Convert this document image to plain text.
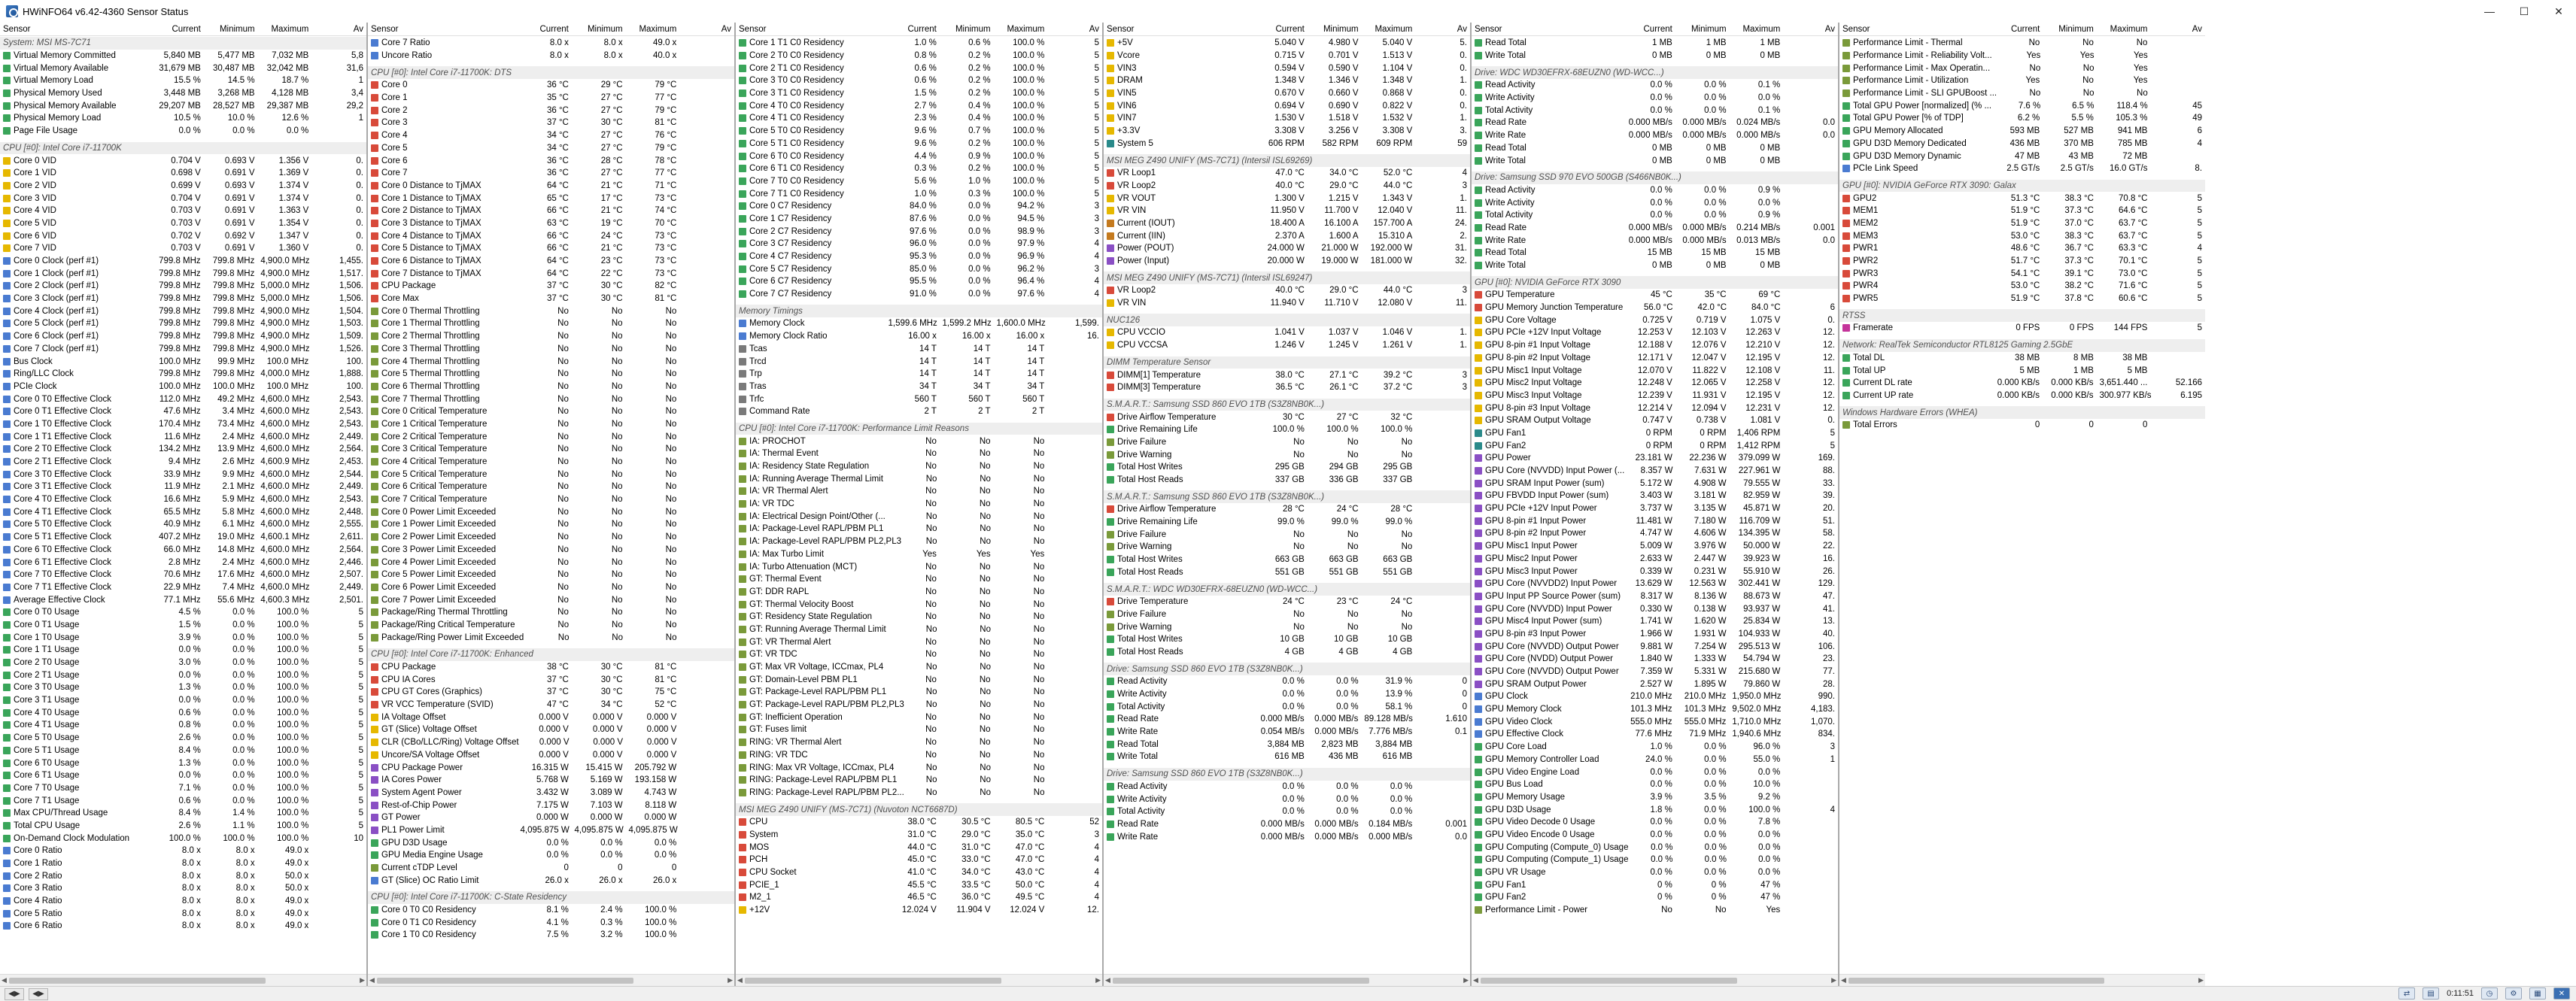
HWiNFO64 v6.42-4360 Sensor Status	—	☐	✕
Sensor	Current	Minimum	Maximum	Av
System: MSI MS-7C71
Virtual Memory Committed	5,840 MB	5,477 MB	7,032 MB	5,8
Virtual Memory Available	31,679 MB	30,487 MB	32,042 MB	31,6
Virtual Memory Load	15.5 %	14.5 %	18.7 %	1
Physical Memory Used	3,448 MB	3,268 MB	4,128 MB	3,4
Physical Memory Available	29,207 MB	28,527 MB	29,387 MB	29,2
Physical Memory Load	10.5 %	10.0 %	12.6 %	1
Page File Usage	0.0 %	0.0 %	0.0 %
CPU [#0]: Intel Core i7-11700K
Core 0 VID	0.704 V	0.693 V	1.356 V	0.
Core 1 VID	0.698 V	0.691 V	1.369 V	0.
Core 2 VID	0.699 V	0.693 V	1.374 V	0.
Core 3 VID	0.704 V	0.691 V	1.374 V	0.
Core 4 VID	0.703 V	0.691 V	1.363 V	0.
Core 5 VID	0.703 V	0.691 V	1.354 V	0.
Core 6 VID	0.702 V	0.692 V	1.347 V	0.
Core 7 VID	0.703 V	0.691 V	1.360 V	0.
Core 0 Clock (perf #1)	799.8 MHz	799.8 MHz 4,900.0 MHz	1,455.
Core 1 Clock (perf #1)	799.8 MHz	799.8 MHz 4,900.0 MHz	1,517.
Core 2 Clock (perf #1)	799.8 MHz	799.8 MHz 5,000.0 MHz	1,506.
Core 3 Clock (perf #1)	799.8 MHz	799.8 MHz 5,000.0 MHz	1,506.
Core 4 Clock (perf #1)	799.8 MHz	799.8 MHz 4,900.0 MHz	1,504.
Core 5 Clock (perf #1)	799.8 MHz	799.8 MHz 4,900.0 MHz	1,503.
Core 6 Clock (perf #1)	799.8 MHz	799.8 MHz 4,900.0 MHz	1,509.
Core 7 Clock (perf #1)	799.8 MHz	799.8 MHz 4,900.0 MHz	1,526.
Bus Clock	100.0 MHz	99.9 MHz	100.0 MHz	100.
Ring/LLC Clock	799.8 MHz	799.8 MHz 4,000.0 MHz	1,888.
PCIe Clock	100.0 MHz	100.0 MHz	100.0 MHz	100.
Core 0 T0 Effective Clock	112.0 MHz	49.2 MHz 4,600.0 MHz	2,543.
Core 0 T1 Effective Clock	47.6 MHz	3.4 MHz 4,600.0 MHz	2,543.
Core 1 T0 Effective Clock	170.4 MHz	73.4 MHz 4,600.0 MHz	2,543.
Core 1 T1 Effective Clock	11.6 MHz	2.4 MHz 4,600.0 MHz	2,449.
Core 2 T0 Effective Clock	134.2 MHz	13.9 MHz 4,600.0 MHz	2,564.
Core 2 T1 Effective Clock	9.4 MHz	2.6 MHz 4,600.9 MHz	2,453.
Core 3 T0 Effective Clock	33.9 MHz	9.9 MHz 4,600.0 MHz	2,544.
Core 3 T1 Effective Clock	11.9 MHz	2.1 MHz 4,600.0 MHz	2,449.
Core 4 T0 Effective Clock	16.6 MHz	5.9 MHz 4,600.0 MHz	2,543.
Core 4 T1 Effective Clock	65.5 MHz	5.8 MHz 4,600.0 MHz	2,448.
Core 5 T0 Effective Clock	40.9 MHz	6.1 MHz 4,600.0 MHz	2,555.
Core 5 T1 Effective Clock	407.2 MHz	19.0 MHz 4,600.1 MHz	2,611.
Core 6 T0 Effective Clock	66.0 MHz	14.8 MHz 4,600.0 MHz	2,564.
Core 6 T1 Effective Clock	2.8 MHz	2.4 MHz 4,600.0 MHz	2,446.
Core 7 T0 Effective Clock	70.6 MHz	17.6 MHz 4,600.0 MHz	2,507.
Core 7 T1 Effective Clock	22.9 MHz	7.4 MHz 4,600.0 MHz	2,449.
Average Effective Clock	77.1 MHz	55.6 MHz 4,600.3 MHz	2,501.
Core 0 T0 Usage	4.5 %	0.0 %	100.0 %	5
Core 0 T1 Usage	1.5 %	0.0 %	100.0 %	5
Core 1 T0 Usage	3.9 %	0.0 %	100.0 %	5
Core 1 T1 Usage	0.0 %	0.0 %	100.0 %	5
Core 2 T0 Usage	3.0 %	0.0 %	100.0 %	5
Core 2 T1 Usage	0.0 %	0.0 %	100.0 %	5
Core 3 T0 Usage	1.3 %	0.0 %	100.0 %	5
Core 3 T1 Usage	0.0 %	0.0 %	100.0 %	5
Core 4 T0 Usage	0.6 %	0.0 %	100.0 %	5
Core 4 T1 Usage	0.8 %	0.0 %	100.0 %	5
Core 5 T0 Usage	2.6 %	0.0 %	100.0 %	5
Core 5 T1 Usage	8.4 %	0.0 %	100.0 %	5
Core 6 T0 Usage	1.3 %	0.0 %	100.0 %	5
Core 6 T1 Usage	0.0 %	0.0 %	100.0 %	5
Core 7 T0 Usage	7.1 %	0.0 %	100.0 %	5
Core 7 T1 Usage	0.6 %	0.0 %	100.0 %	5
Max CPU/Thread Usage	8.4 %	1.4 %	100.0 %	5
Total CPU Usage	2.6 %	1.1 %	100.0 %	5
On-Demand Clock Modulation	100.0 %	100.0 %	100.0 %	10
Core 0 Ratio	8.0 x	8.0 x	49.0 x
Core 1 Ratio	8.0 x	8.0 x	49.0 x
Core 2 Ratio	8.0 x	8.0 x	50.0 x
Core 3 Ratio	8.0 x	8.0 x	50.0 x
Core 4 Ratio	8.0 x	8.0 x	49.0 x
Core 5 Ratio	8.0 x	8.0 x	49.0 x
Core 6 Ratio	8.0 x	8.0 x	49.0 x
◀	▶
Sensor	Current	Minimum	Maximum	Av
Core 7 Ratio	8.0 x	8.0 x	49.0 x
Uncore Ratio	8.0 x	8.0 x	40.0 x
CPU [#0]: Intel Core i7-11700K: DTS
Core 0	36 °C	29 °C	79 °C
Core 1	35 °C	27 °C	77 °C
Core 2	36 °C	27 °C	79 °C
Core 3	37 °C	30 °C	81 °C
Core 4	34 °C	27 °C	76 °C
Core 5	34 °C	27 °C	79 °C
Core 6	36 °C	28 °C	78 °C
Core 7	36 °C	27 °C	77 °C
Core 0 Distance to TjMAX	64 °C	21 °C	71 °C
Core 1 Distance to TjMAX	65 °C	17 °C	73 °C
Core 2 Distance to TjMAX	66 °C	21 °C	74 °C
Core 3 Distance to TjMAX	63 °C	19 °C	70 °C
Core 4 Distance to TjMAX	66 °C	24 °C	73 °C
Core 5 Distance to TjMAX	66 °C	21 °C	73 °C
Core 6 Distance to TjMAX	64 °C	23 °C	73 °C
Core 7 Distance to TjMAX	64 °C	22 °C	73 °C
CPU Package	37 °C	30 °C	82 °C
Core Max	37 °C	30 °C	81 °C
Core 0 Thermal Throttling	No	No	No
Core 1 Thermal Throttling	No	No	No
Core 2 Thermal Throttling	No	No	No
Core 3 Thermal Throttling	No	No	No
Core 4 Thermal Throttling	No	No	No
Core 5 Thermal Throttling	No	No	No
Core 6 Thermal Throttling	No	No	No
Core 7 Thermal Throttling	No	No	No
Core 0 Critical Temperature	No	No	No
Core 1 Critical Temperature	No	No	No
Core 2 Critical Temperature	No	No	No
Core 3 Critical Temperature	No	No	No
Core 4 Critical Temperature	No	No	No
Core 5 Critical Temperature	No	No	No
Core 6 Critical Temperature	No	No	No
Core 7 Critical Temperature	No	No	No
Core 0 Power Limit Exceeded	No	No	No
Core 1 Power Limit Exceeded	No	No	No
Core 2 Power Limit Exceeded	No	No	No
Core 3 Power Limit Exceeded	No	No	No
Core 4 Power Limit Exceeded	No	No	No
Core 5 Power Limit Exceeded	No	No	No
Core 6 Power Limit Exceeded	No	No	No
Core 7 Power Limit Exceeded	No	No	No
Package/Ring Thermal Throttling	No	No	No
Package/Ring Critical Temperature	No	No	No
Package/Ring Power Limit Exceeded	No	No	No
CPU [#0]: Intel Core i7-11700K: Enhanced
CPU Package	38 °C	30 °C	81 °C
CPU IA Cores	37 °C	30 °C	81 °C
CPU GT Cores (Graphics)	37 °C	30 °C	75 °C
VR VCC Temperature (SVID)	47 °C	34 °C	52 °C
IA Voltage Offset	0.000 V	0.000 V	0.000 V
GT (Slice) Voltage Offset	0.000 V	0.000 V	0.000 V
CLR (CBo/LLC/Ring) Voltage Offset	0.000 V	0.000 V	0.000 V
Uncore/SA Voltage Offset	0.000 V	0.000 V	0.000 V
CPU Package Power	16.315 W	15.415 W	205.792 W
IA Cores Power	5.768 W	5.169 W	193.158 W
System Agent Power	3.432 W	3.089 W	4.743 W
Rest-of-Chip Power	7.175 W	7.103 W	8.118 W
GT Power	0.000 W	0.000 W	0.000 W
PL1 Power Limit	4,095.875 W 4,095.875 W 4,095.875 W
GPU D3D Usage	0.0 %	0.0 %	0.0 %
GPU Media Engine Usage	0.0 %	0.0 %	0.0 %
Current cTDP Level	0	0	0
GT (Slice) OC Ratio Limit	26.0 x	26.0 x	26.0 x
CPU [#0]: Intel Core i7-11700K: C-State Residency
Core 0 T0 C0 Residency	8.1 %	2.4 %	100.0 %
Core 0 T1 C0 Residency	4.1 %	0.3 %	100.0 %
Core 1 T0 C0 Residency	7.5 %	3.2 %	100.0 %
◀	▶
Sensor	Current	Minimum	Maximum	Av
Core 1 T1 C0 Residency	1.0 %	0.6 %	100.0 %	5
Core 2 T0 C0 Residency	0.8 %	0.2 %	100.0 %	5
Core 2 T1 C0 Residency	0.6 %	0.2 %	100.0 %	5
Core 3 T0 C0 Residency	0.6 %	0.2 %	100.0 %	5
Core 3 T1 C0 Residency	1.5 %	0.2 %	100.0 %	5
Core 4 T0 C0 Residency	2.7 %	0.4 %	100.0 %	5
Core 4 T1 C0 Residency	2.3 %	0.4 %	100.0 %	5
Core 5 T0 C0 Residency	9.6 %	0.7 %	100.0 %	5
Core 5 T1 C0 Residency	9.6 %	0.2 %	100.0 %	5
Core 6 T0 C0 Residency	4.4 %	0.9 %	100.0 %	5
Core 6 T1 C0 Residency	0.3 %	0.2 %	100.0 %	5
Core 7 T0 C0 Residency	5.6 %	1.0 %	100.0 %	5
Core 7 T1 C0 Residency	1.0 %	0.3 %	100.0 %	5
Core 0 C7 Residency	84.0 %	0.0 %	94.2 %	3
Core 1 C7 Residency	87.6 %	0.0 %	94.5 %	3
Core 2 C7 Residency	97.6 %	0.0 %	98.9 %	3
Core 3 C7 Residency	96.0 %	0.0 %	97.9 %	4
Core 4 C7 Residency	95.3 %	0.0 %	96.9 %	4
Core 5 C7 Residency	85.0 %	0.0 %	96.2 %	3
Core 6 C7 Residency	95.5 %	0.0 %	96.4 %	4
Core 7 C7 Residency	91.0 %	0.0 %	97.6 %	4
Memory Timings
Memory Clock	1,599.6 MHz 1,599.2 MHz 1,600.0 MHz	1,599.
Memory Clock Ratio	16.00 x	16.00 x	16.00 x	16.
Tcas	14 T	14 T	14 T
Trcd	14 T	14 T	14 T
Trp	14 T	14 T	14 T
Tras	34 T	34 T	34 T
Trfc	560 T	560 T	560 T
Command Rate	2 T	2 T	2 T
CPU [#0]: Intel Core i7-11700K: Performance Limit Reasons
IA: PROCHOT	No	No	No
IA: Thermal Event	No	No	No
IA: Residency State Regulation	No	No	No
IA: Running Average Thermal Limit	No	No	No
IA: VR Thermal Alert	No	No	No
IA: VR TDC	No	No	No
IA: Electrical Design Point/Other (...	No	No	No
IA: Package-Level RAPL/PBM PL1	No	No	No
IA: Package-Level RAPL/PBM PL2,PL3	No	No	No
IA: Max Turbo Limit	Yes	Yes	Yes
IA: Turbo Attenuation (MCT)	No	No	No
GT: Thermal Event	No	No	No
GT: DDR RAPL	No	No	No
GT: Thermal Velocity Boost	No	No	No
GT: Residency State Regulation	No	No	No
GT: Running Average Thermal Limit	No	No	No
GT: VR Thermal Alert	No	No	No
GT: VR TDC	No	No	No
GT: Max VR Voltage, ICCmax, PL4	No	No	No
GT: Domain-Level PBM PL1	No	No	No
GT: Package-Level RAPL/PBM PL1	No	No	No
GT: Package-Level RAPL/PBM PL2,PL3	No	No	No
GT: Inefficient Operation	No	No	No
GT: Fuses limit	No	No	No
RING: VR Thermal Alert	No	No	No
RING: VR TDC	No	No	No
RING: Max VR Voltage, ICCmax, PL4	No	No	No
RING: Package-Level RAPL/PBM PL1	No	No	No
RING: Package-Level RAPL/PBM PL2...	No	No	No
MSI MEG Z490 UNIFY (MS-7C71) (Nuvoton NCT6687D)
CPU	38.0 °C	30.5 °C	80.5 °C	52
System	31.0 °C	29.0 °C	35.0 °C	3
MOS	44.0 °C	31.0 °C	47.0 °C	4
PCH	45.0 °C	33.0 °C	47.0 °C	4
CPU Socket	41.0 °C	34.0 °C	43.0 °C	4
PCIE_1	45.5 °C	33.5 °C	50.0 °C	4
M2_1	46.5 °C	36.0 °C	49.5 °C	4
+12V	12.024 V	11.904 V	12.024 V	12.
◀	▶
Sensor	Current	Minimum	Maximum	Av
+5V	5.040 V	4.980 V	5.040 V	5.
Vcore	0.715 V	0.701 V	1.513 V	0.
VIN3	0.594 V	0.590 V	1.104 V	0.
DRAM	1.348 V	1.346 V	1.348 V	1.
VIN5	0.670 V	0.660 V	0.868 V	0.
VIN6	0.694 V	0.690 V	0.822 V	0.
VIN7	1.530 V	1.518 V	1.532 V	1.
+3.3V	3.308 V	3.256 V	3.308 V	3.
System 5	606 RPM	582 RPM	609 RPM	59
MSI MEG Z490 UNIFY (MS-7C71) (Intersil ISL69269)
VR Loop1	47.0 °C	34.0 °C	52.0 °C	4
VR Loop2	40.0 °C	29.0 °C	44.0 °C	3
VR VOUT	1.300 V	1.215 V	1.343 V	1.
VR VIN	11.950 V	11.700 V	12.040 V	11.
Current (IOUT)	18.400 A	16.100 A	157.700 A	24.
Current (IIN)	2.370 A	1.600 A	15.310 A	2.
Power (POUT)	24.000 W	21.000 W	192.000 W	31.
Power (Input)	20.000 W	19.000 W	181.000 W	32.
MSI MEG Z490 UNIFY (MS-7C71) (Intersil ISL69247)
VR Loop2	40.0 °C	29.0 °C	44.0 °C	3
VR VIN	11.940 V	11.710 V	12.080 V	11.
NUC126
CPU VCCIO	1.041 V	1.037 V	1.046 V	1.
CPU VCCSA	1.246 V	1.245 V	1.261 V	1.
DIMM Temperature Sensor
DIMM[1] Temperature	38.0 °C	27.1 °C	39.2 °C	3
DIMM[3] Temperature	36.5 °C	26.1 °C	37.2 °C	3
S.M.A.R.T.: Samsung SSD 860 EVO 1TB (S3Z8NB0K...)
Drive Airflow Temperature	30 °C	27 °C	32 °C
Drive Remaining Life	100.0 %	100.0 %	100.0 %
Drive Failure	No	No	No
Drive Warning	No	No	No
Total Host Writes	295 GB	294 GB	295 GB
Total Host Reads	337 GB	336 GB	337 GB
S.M.A.R.T.: Samsung SSD 860 EVO 1TB (S3Z8NB0K...)
Drive Airflow Temperature	28 °C	24 °C	28 °C
Drive Remaining Life	99.0 %	99.0 %	99.0 %
Drive Failure	No	No	No
Drive Warning	No	No	No
Total Host Writes	663 GB	663 GB	663 GB
Total Host Reads	551 GB	551 GB	551 GB
S.M.A.R.T.: WDC WD30EFRX-68EUZN0 (WD-WCC...)
Drive Temperature	24 °C	23 °C	24 °C
Drive Failure	No	No	No
Drive Warning	No	No	No
Total Host Writes	10 GB	10 GB	10 GB
Total Host Reads	4 GB	4 GB	4 GB
Drive: Samsung SSD 860 EVO 1TB (S3Z8NB0K...)
Read Activity	0.0 %	0.0 %	31.9 %	0
Write Activity	0.0 %	0.0 %	13.9 %	0
Total Activity	0.0 %	0.0 %	58.1 %	0
Read Rate	0.000 MB/s	0.000 MB/s 89.128 MB/s	1.610
Write Rate	0.054 MB/s	0.000 MB/s	7.776 MB/s	0.1
Read Total	3,884 MB	2,823 MB	3,884 MB
Write Total	616 MB	436 MB	616 MB
Drive: Samsung SSD 860 EVO 1TB (S3Z8NB0K...)
Read Activity	0.0 %	0.0 %	0.0 %
Write Activity	0.0 %	0.0 %	0.0 %
Total Activity	0.0 %	0.0 %	0.0 %
Read Rate	0.000 MB/s	0.000 MB/s	0.184 MB/s	0.001
Write Rate	0.000 MB/s	0.000 MB/s	0.000 MB/s	0.0
◀	▶
Sensor	Current	Minimum	Maximum	Av
Read Total	1 MB	1 MB	1 MB
Write Total	0 MB	0 MB	0 MB
Drive: WDC WD30EFRX-68EUZN0 (WD-WCC...)
Read Activity	0.0 %	0.0 %	0.1 %
Write Activity	0.0 %	0.0 %	0.0 %
Total Activity	0.0 %	0.0 %	0.1 %
Read Rate	0.000 MB/s	0.000 MB/s	0.024 MB/s	0.0
Write Rate	0.000 MB/s	0.000 MB/s	0.000 MB/s	0.0
Read Total	0 MB	0 MB	0 MB
Write Total	0 MB	0 MB	0 MB
Drive: Samsung SSD 970 EVO 500GB (S466NB0K...)
Read Activity	0.0 %	0.0 %	0.9 %
Write Activity	0.0 %	0.0 %	0.0 %
Total Activity	0.0 %	0.0 %	0.9 %
Read Rate	0.000 MB/s	0.000 MB/s	0.214 MB/s	0.001
Write Rate	0.000 MB/s	0.000 MB/s	0.013 MB/s	0.0
Read Total	15 MB	15 MB	15 MB
Write Total	0 MB	0 MB	0 MB
GPU [#0]: NVIDIA GeForce RTX 3090
GPU Temperature	45 °C	35 °C	69 °C
GPU Memory Junction Temperature	56.0 °C	42.0 °C	84.0 °C	6
GPU Core Voltage	0.725 V	0.719 V	1.075 V	0.
GPU PCIe +12V Input Voltage	12.253 V	12.103 V	12.263 V	12.
GPU 8-pin #1 Input Voltage	12.188 V	12.076 V	12.210 V	12.
GPU 8-pin #2 Input Voltage	12.171 V	12.047 V	12.195 V	12.
GPU Misc1 Input Voltage	12.070 V	11.822 V	12.108 V	11.
GPU Misc2 Input Voltage	12.248 V	12.065 V	12.258 V	12.
GPU Misc3 Input Voltage	12.239 V	11.931 V	12.195 V	12.
GPU 8-pin #3 Input Voltage	12.214 V	12.094 V	12.231 V	12.
GPU SRAM Output Voltage	0.747 V	0.738 V	1.081 V	0.
GPU Fan1	0 RPM	0 RPM	1,406 RPM	5
GPU Fan2	0 RPM	0 RPM	1,412 RPM	5
GPU Power	23.181 W	22.236 W	379.099 W	169.
GPU Core (NVVDD) Input Power (...	8.357 W	7.631 W	227.961 W	88.
GPU SRAM Input Power (sum)	5.172 W	4.908 W	79.555 W	33.
GPU FBVDD Input Power (sum)	3.403 W	3.181 W	82.959 W	39.
GPU PCIe +12V Input Power	3.737 W	3.135 W	45.871 W	20.
GPU 8-pin #1 Input Power	11.481 W	7.180 W	116.709 W	51.
GPU 8-pin #2 Input Power	4.747 W	4.606 W	134.395 W	58.
GPU Misc1 Input Power	5.009 W	3.976 W	50.000 W	22.
GPU Misc2 Input Power	2.633 W	2.447 W	39.923 W	16.
GPU Misc3 Input Power	0.339 W	0.231 W	55.910 W	26.
GPU Core (NVVDD2) Input Power	13.629 W	12.563 W	302.441 W	129.
GPU Input PP Source Power (sum)	8.317 W	8.136 W	88.673 W	47.
GPU Core (NVVDD) Input Power	0.330 W	0.138 W	93.937 W	41.
GPU Misc4 Input Power (sum)	1.741 W	1.620 W	25.834 W	13.
GPU 8-pin #3 Input Power	1.966 W	1.931 W	104.933 W	40.
GPU Core (NVVDD) Output Power	9.881 W	7.254 W	295.513 W	106.
GPU Core (NVDD) Output Power	1.840 W	1.333 W	54.794 W	23.
GPU Core (NVVDD) Output Power	7.359 W	5.331 W	215.680 W	77.
GPU SRAM Output Power	2.527 W	1.895 W	79.860 W	28.
GPU Clock	210.0 MHz	210.0 MHz 1,950.0 MHz	990.
GPU Memory Clock	101.3 MHz	101.3 MHz 9,502.0 MHz	4,183.
GPU Video Clock	555.0 MHz	555.0 MHz 1,710.0 MHz	1,070.
GPU Effective Clock	77.6 MHz	71.9 MHz 1,940.6 MHz	834.
GPU Core Load	1.0 %	0.0 %	96.0 %	3
GPU Memory Controller Load	24.0 %	0.0 %	55.0 %	1
GPU Video Engine Load	0.0 %	0.0 %	0.0 %
GPU Bus Load	0.0 %	0.0 %	10.0 %
GPU Memory Usage	3.9 %	3.5 %	9.2 %
GPU D3D Usage	1.8 %	0.0 %	100.0 %	4
GPU Video Decode 0 Usage	0.0 %	0.0 %	7.8 %
GPU Video Encode 0 Usage	0.0 %	0.0 %	0.0 %
GPU Computing (Compute_0) Usage	0.0 %	0.0 %	0.0 %
GPU Computing (Compute_1) Usage	0.0 %	0.0 %	0.0 %
GPU VR Usage	0.0 %	0.0 %	0.0 %
GPU Fan1	0 %	0 %	47 %
GPU Fan2	0 %	0 %	47 %
Performance Limit - Power	No	No	Yes
◀	▶
Sensor	Current	Minimum	Maximum	Av
Performance Limit - Thermal	No	No	No
Performance Limit - Reliability Volt...	Yes	Yes	Yes
Performance Limit - Max Operatin...	No	No	Yes
Performance Limit - Utilization	Yes	No	Yes
Performance Limit - SLI GPUBoost ...	No	No	No
Total GPU Power [normalized] (% ...	7.6 %	6.5 %	118.4 %	45
Total GPU Power [% of TDP]	6.2 %	5.5 %	105.3 %	49
GPU Memory Allocated	593 MB	527 MB	941 MB	6
GPU D3D Memory Dedicated	436 MB	370 MB	785 MB	4
GPU D3D Memory Dynamic	47 MB	43 MB	72 MB
PCIe Link Speed	2.5 GT/s	2.5 GT/s	16.0 GT/s	8.
GPU [#0]: NVIDIA GeForce RTX 3090: Galax
GPU2	51.3 °C	38.3 °C	70.8 °C	5
MEM1	51.9 °C	37.3 °C	64.6 °C	5
MEM2	51.9 °C	37.0 °C	63.7 °C	5
MEM3	53.0 °C	38.3 °C	63.7 °C	5
PWR1	48.6 °C	36.7 °C	63.3 °C	4
PWR2	51.7 °C	37.3 °C	70.1 °C	5
PWR3	54.1 °C	39.1 °C	73.0 °C	5
PWR4	53.0 °C	38.2 °C	71.6 °C	5
PWR5	51.9 °C	37.8 °C	60.6 °C	5
RTSS
Framerate	0 FPS	0 FPS	144 FPS	5
Network: RealTek Semiconductor RTL8125 Gaming 2.5GbE
Total DL	38 MB	8 MB	38 MB
Total UP	5 MB	1 MB	5 MB
Current DL rate	0.000 KB/s	0.000 KB/s 3,651.440 ...	52.166
Current UP rate	0.000 KB/s	0.000 KB/s 300.977 KB/s	6.195
Windows Hardware Errors (WHEA)
Total Errors	0	0	0
◀	▶
◀▶	◀▶	⇄	▤	0:11:51	◷	⚙	▦	✕
